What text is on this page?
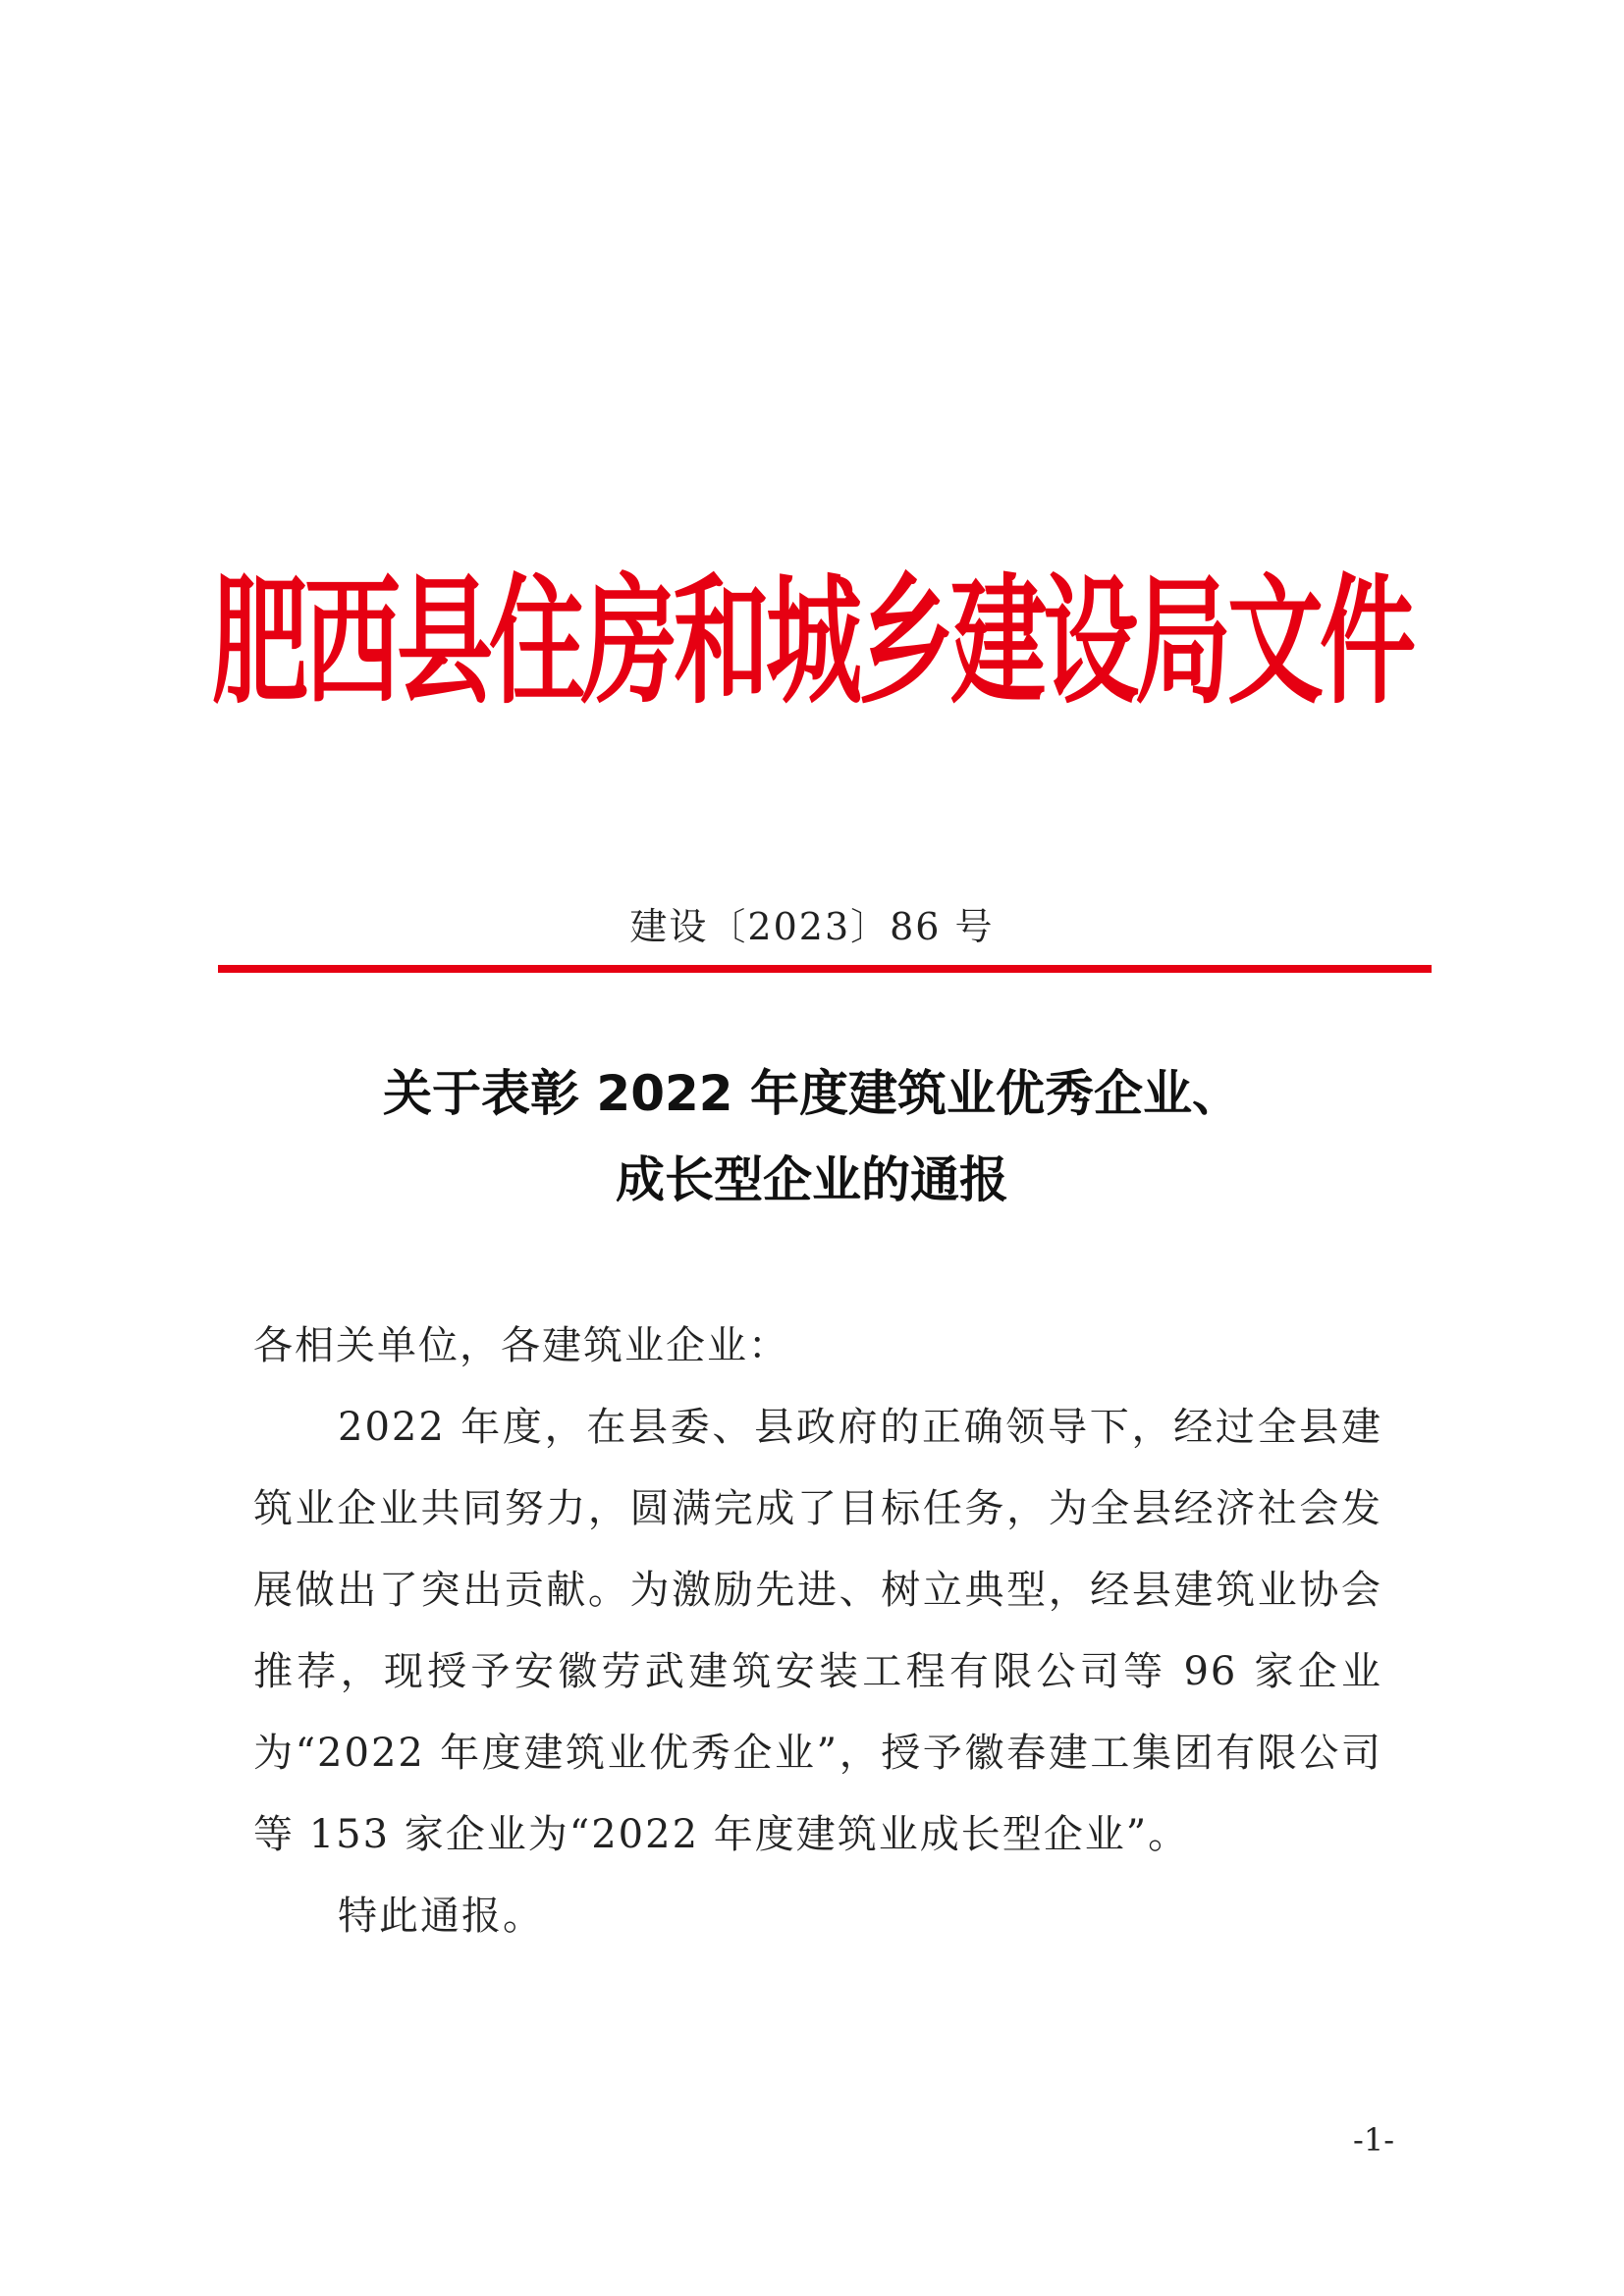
肥西县住房和城乡建设局文件
建设〔2023〕86 号
关于表彰 2022 年度建筑业优秀企业、
成长型企业的通报

各相关单位，各建筑业企业：

2022 年度，在县委、县政府的正确领导下，经过全县建筑业企业共同努力，圆满完成了目标任务，为全县经济社会发展做出了突出贡献。为激励先进、树立典型，经县建筑业协会推荐，现授予安徽劳武建筑安装工程有限公司等 96 家企业为“2022 年度建筑业优秀企业”，授予徽春建工集团有限公司等 153 家企业为“2022 年度建筑业成长型企业”。

特此通报。

-1-
